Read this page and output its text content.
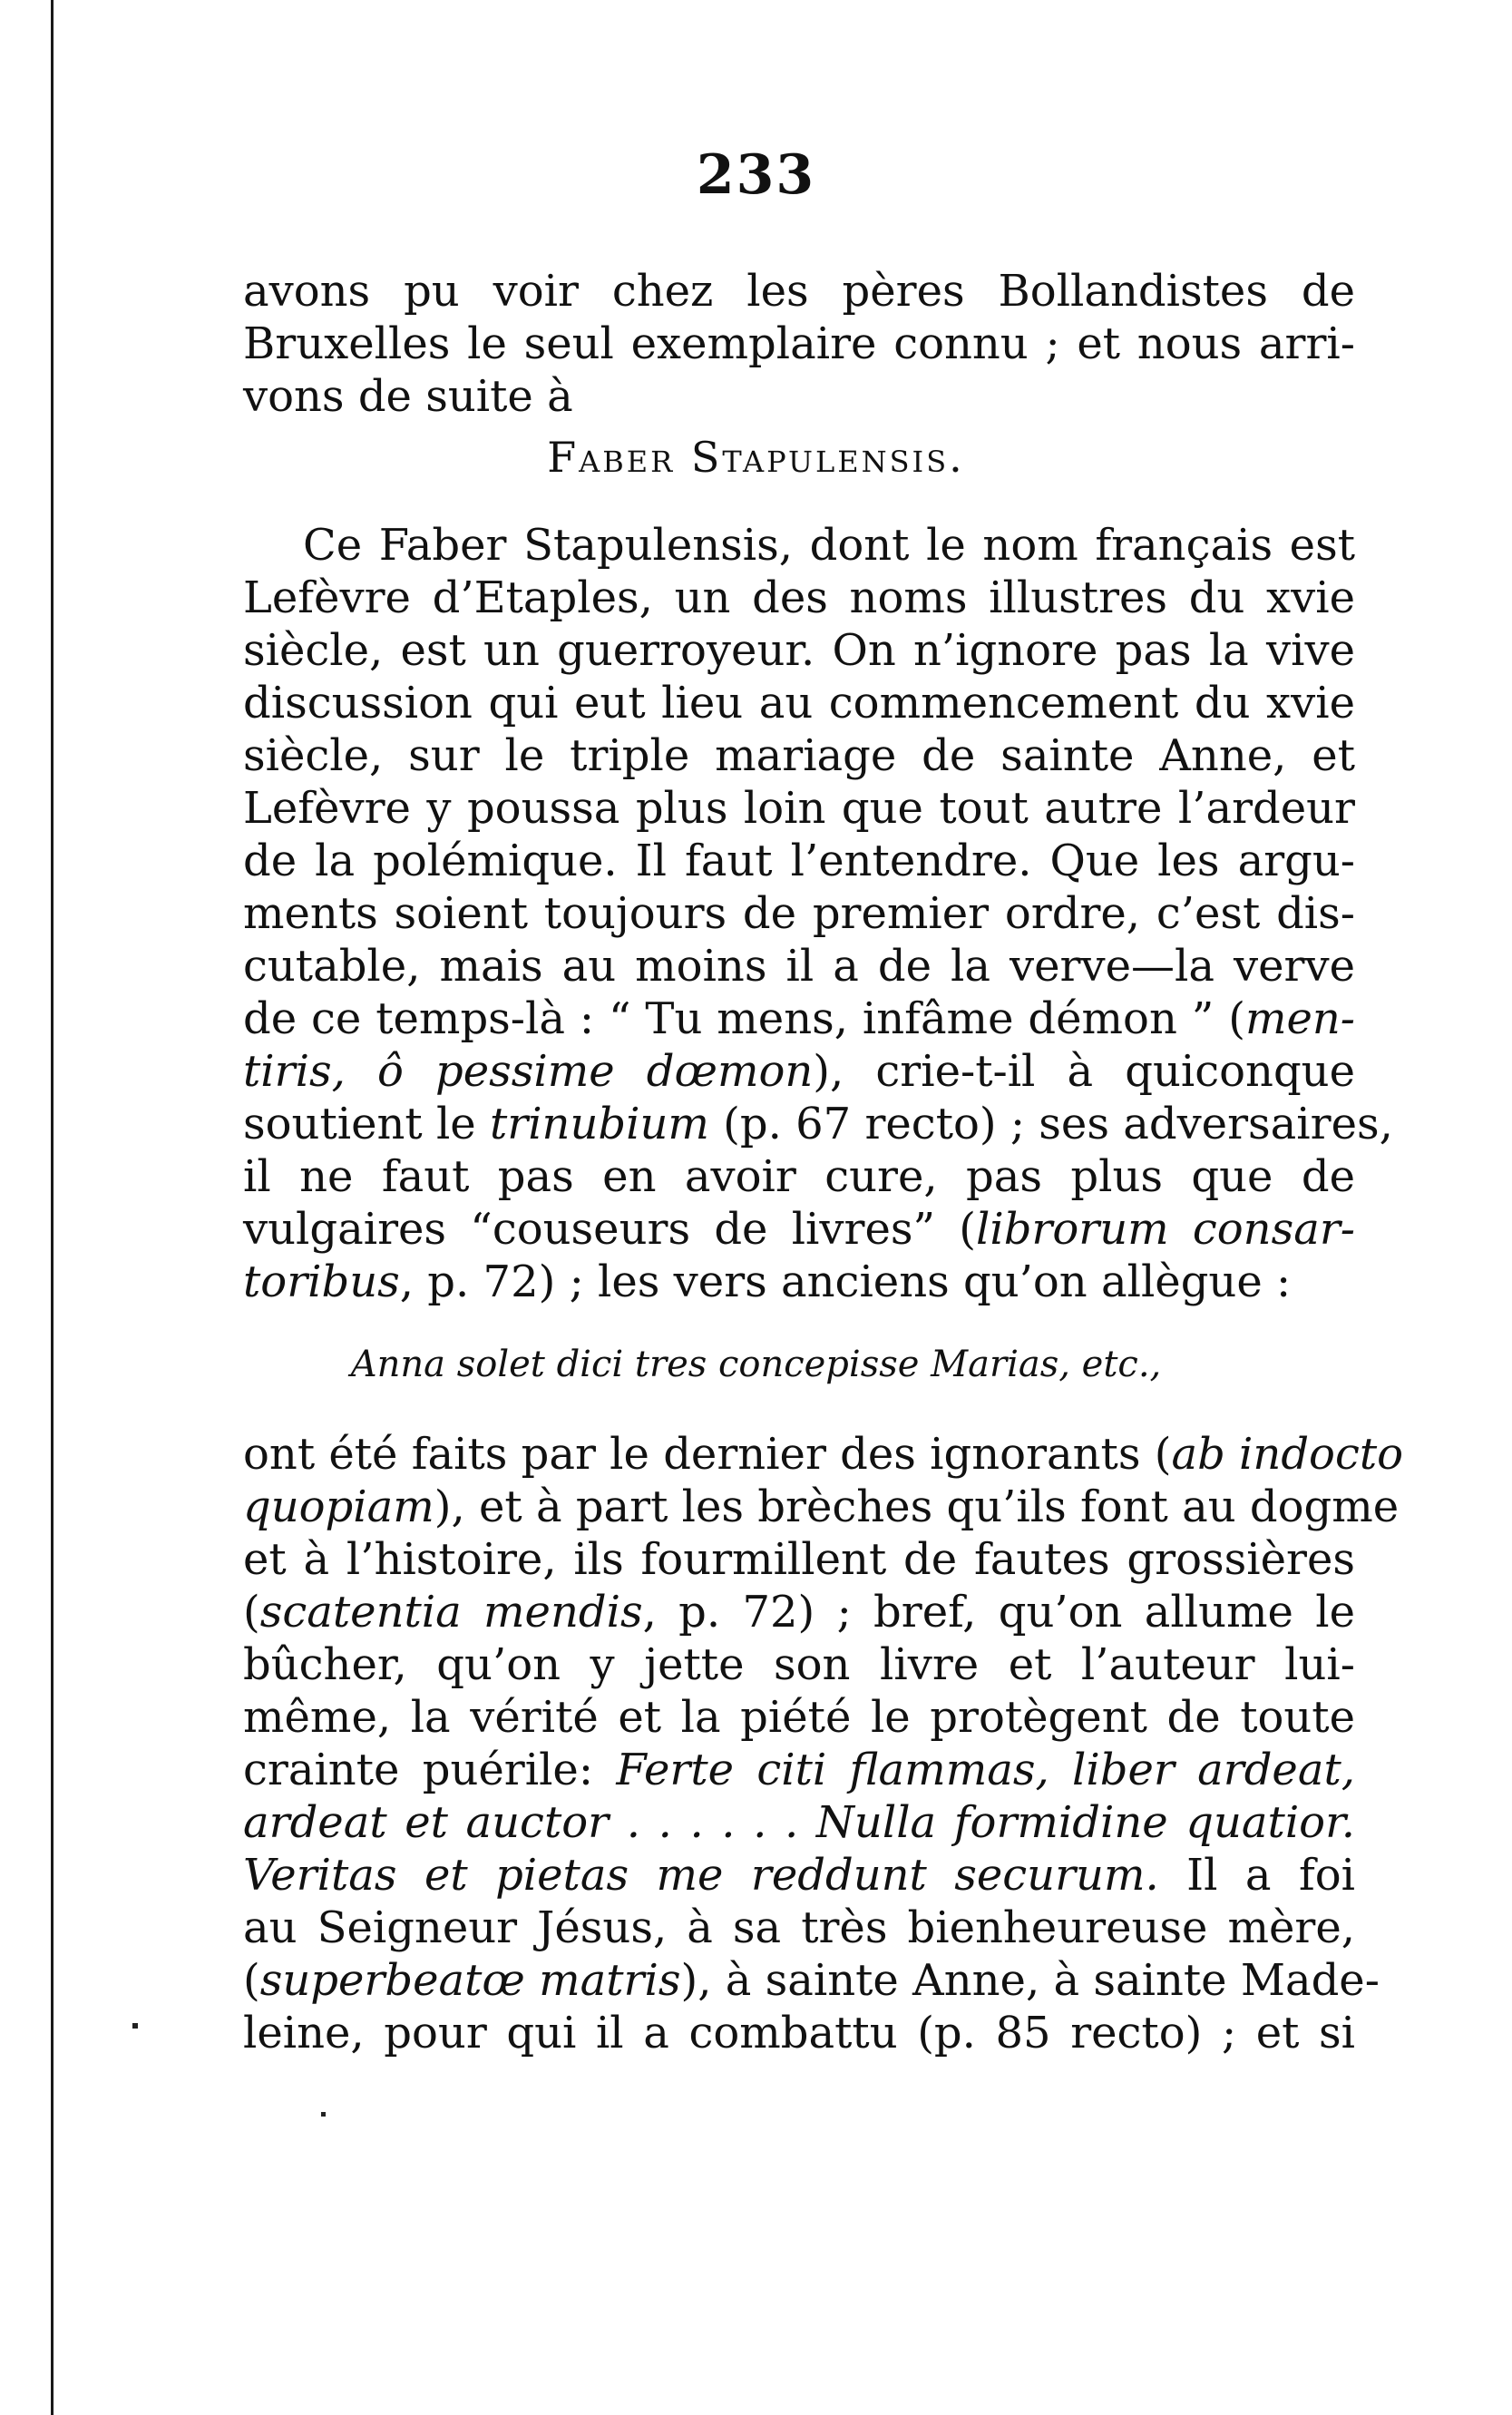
233
avons pu voir chez les pères Bollandistes de
Bruxelles le seul exemplaire connu ; et nous arri-
vons de suite à
Faber Stapulensis.
Ce Faber Stapulensis, dont le nom français est
Lefèvre d’Etaples, un des noms illustres du xvie
siècle, est un guerroyeur. On n’ignore pas la vive
discussion qui eut lieu au commencement du xvie
siècle, sur le triple mariage de sainte Anne, et
Lefèvre y poussa plus loin que tout autre l’ardeur
de la polémique. Il faut l’entendre. Que les argu-
ments soient toujours de premier ordre, c’est dis-
cutable, mais au moins il a de la verve—la verve
de ce temps-là : “ Tu mens, infâme démon ” (men-
tiris, ô pessime dœmon), crie-t-il à quiconque
soutient le trinubium (p. 67 recto) ; ses adversaires,
il ne faut pas en avoir cure, pas plus que de
vulgaires “couseurs de livres” (librorum consar-
toribus, p. 72) ; les vers anciens qu’on allègue :
Anna solet dici tres concepisse Marias, etc.,
ont été faits par le dernier des ignorants (ab indocto
quopiam), et à part les brèches qu’ils font au dogme
et à l’histoire, ils fourmillent de fautes grossières
(scatentia mendis, p. 72) ; bref, qu’on allume le
bûcher, qu’on y jette son livre et l’auteur lui-
même, la vérité et la piété le protègent de toute
crainte puérile: Ferte citi flammas, liber ardeat,
ardeat et auctor . . . . . . Nulla formidine quatior.
Veritas et pietas me reddunt securum. Il a foi
au Seigneur Jésus, à sa très bienheureuse mère,
(superbeatœ matris), à sainte Anne, à sainte Made-
leine, pour qui il a combattu (p. 85 recto) ; et si
